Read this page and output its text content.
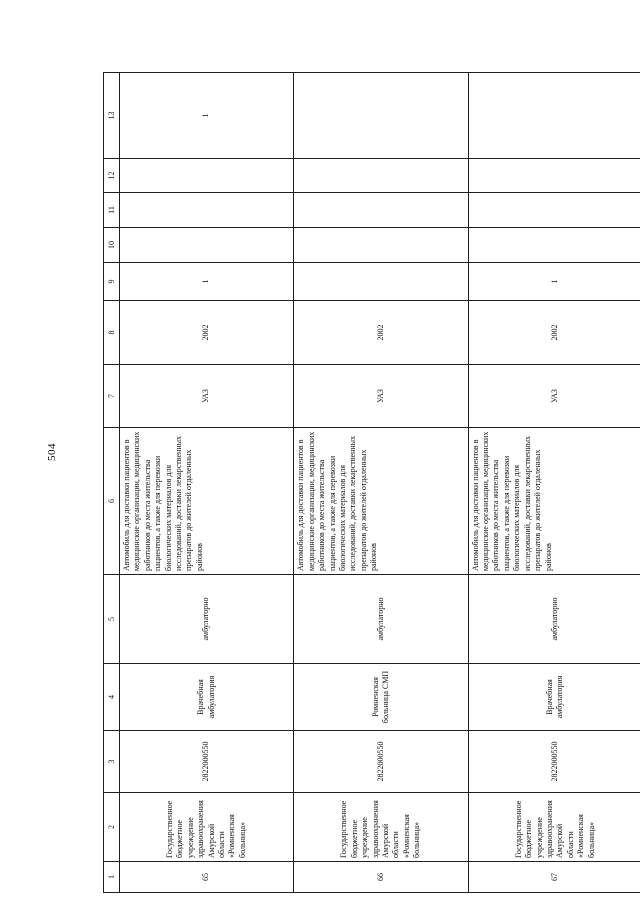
504
1	2	3	4	5	6	7	8	9	10	11	12	13
65	Государственное бюджетное учреждение здравоохранения Амурской области «Ромненская больница»	2822000550	Врачебная амбулатория	амбулаторно	Автомобиль для доставки пациентов в медицинские организации, медицинских работников до места жительства пациентов, а также для перевозки биологических материалов для исследований, доставки лекарственных препаратов до жителей отдаленных районов	УАЗ	2002	1				1
66	Государственное бюджетное учреждение здравоохранения Амурской области «Ромненская больница»	2822000550	Ромненская больница СМП	амбулаторно	Автомобиль для доставки пациентов в медицинские организации, медицинских работников до места жительства пациентов, а также для перевозки биологических материалов для исследований, доставки лекарственных препаратов до жителей отдаленных районов	УАЗ	2002					
67	Государственное бюджетное учреждение здравоохранения Амурской области «Ромненская больница»	2822000550	Врачебная амбулатория	амбулаторно	Автомобиль для доставки пациентов в медицинские организации, медицинских работников до места жительства пациентов, а также для перевозки биологических материалов для исследований, доставки лекарственных препаратов до жителей отдаленных районов	УАЗ	2002	1				
